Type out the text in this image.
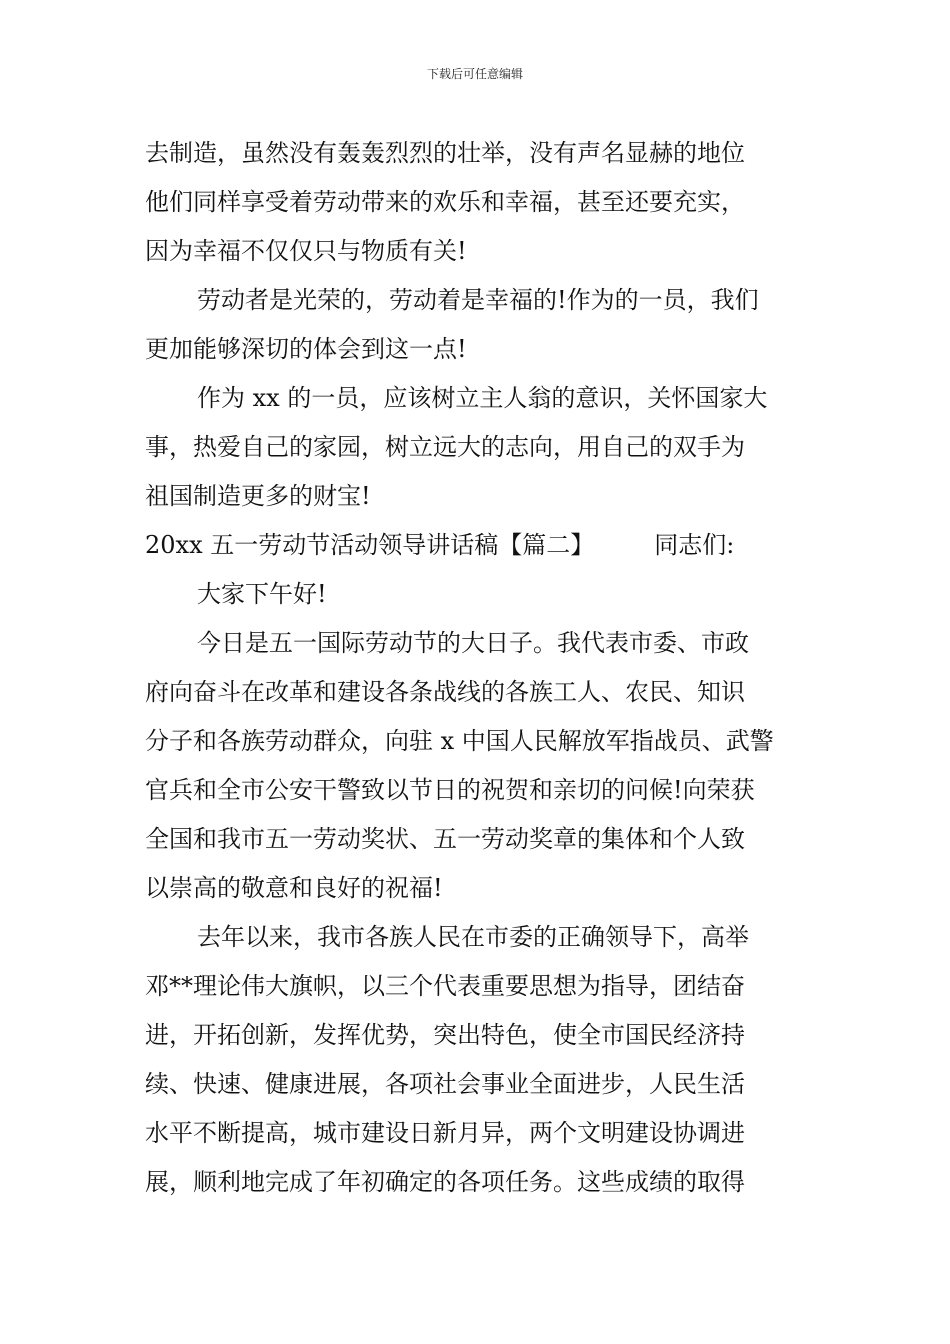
下载后可任意编辑
去制造，虽然没有轰轰烈烈的壮举，没有声名显赫的地位
他们同样享受着劳动带来的欢乐和幸福，甚至还要充实，
因为幸福不仅仅只与物质有关!
劳动者是光荣的，劳动着是幸福的!作为的一员，我们
更加能够深切的体会到这一点!
作为 xx 的一员，应该树立主人翁的意识，关怀国家大
事，热爱自己的家园，树立远大的志向，用自己的双手为
祖国制造更多的财宝!
20xx 五一劳动节活动领导讲话稿【篇二】	同志们:
大家下午好!
今日是五一国际劳动节的大日子。我代表市委、市政
府向奋斗在改革和建设各条战线的各族工人、农民、知识
分子和各族劳动群众，向驻 x 中国人民解放军指战员、武警
官兵和全市公安干警致以节日的祝贺和亲切的问候!向荣获
全国和我市五一劳动奖状、五一劳动奖章的集体和个人致
以崇高的敬意和良好的祝福!
去年以来，我市各族人民在市委的正确领导下，高举
邓**理论伟大旗帜，以三个代表重要思想为指导，团结奋
进，开拓创新，发挥优势，突出特色，使全市国民经济持
续、快速、健康进展，各项社会事业全面进步，人民生活
水平不断提高，城市建设日新月异，两个文明建设协调进
展，顺利地完成了年初确定的各项任务。这些成绩的取得
